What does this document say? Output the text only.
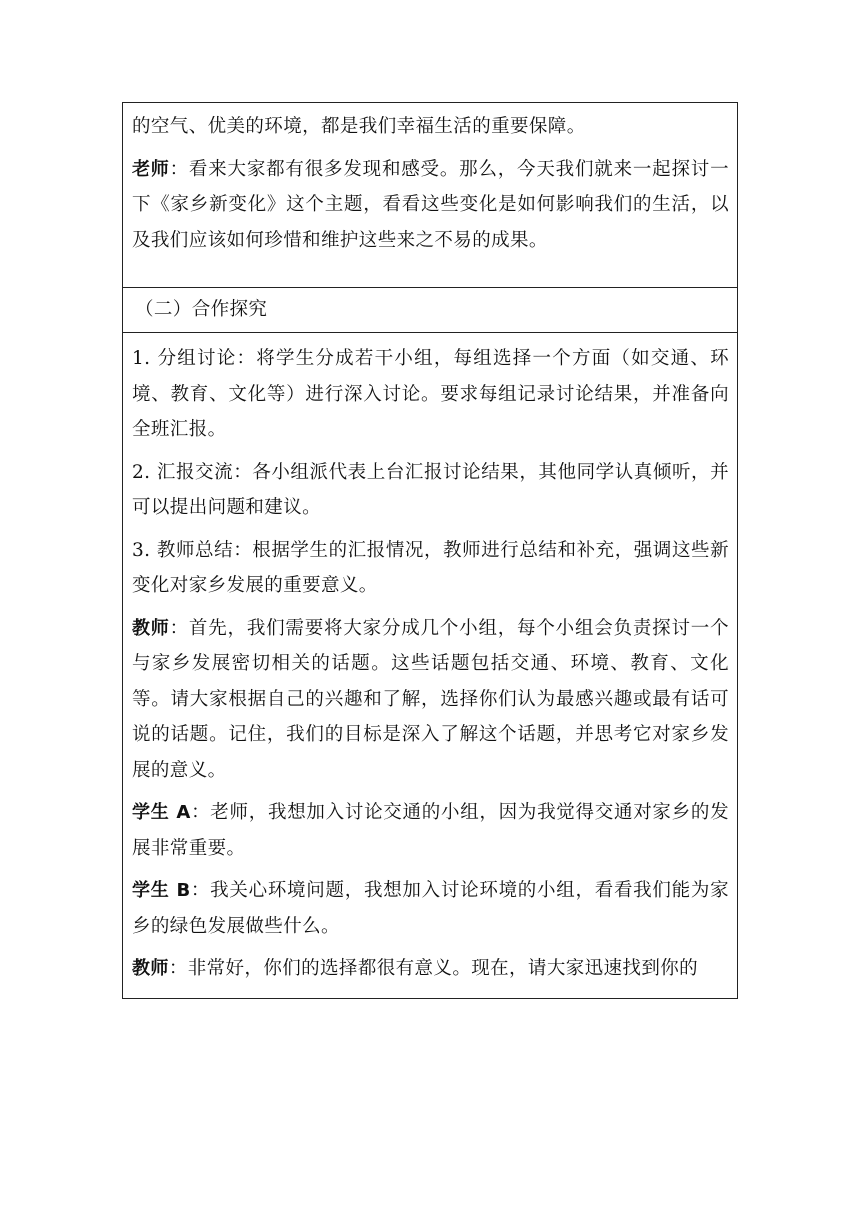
的空气、优美的环境，都是我们幸福生活的重要保障。

老师：看来大家都有很多发现和感受。那么，今天我们就来一起探讨一下《家乡新变化》这个主题，看看这些变化是如何影响我们的生活，以及我们应该如何珍惜和维护这些来之不易的成果。

（二）合作探究

1. 分组讨论：将学生分成若干小组，每组选择一个方面（如交通、环境、教育、文化等）进行深入讨论。要求每组记录讨论结果，并准备向全班汇报。

2. 汇报交流：各小组派代表上台汇报讨论结果，其他同学认真倾听，并可以提出问题和建议。

3. 教师总结：根据学生的汇报情况，教师进行总结和补充，强调这些新变化对家乡发展的重要意义。

教师：首先，我们需要将大家分成几个小组，每个小组会负责探讨一个与家乡发展密切相关的话题。这些话题包括交通、环境、教育、文化等。请大家根据自己的兴趣和了解，选择你们认为最感兴趣或最有话可说的话题。记住，我们的目标是深入了解这个话题，并思考它对家乡发展的意义。

学生 A：老师，我想加入讨论交通的小组，因为我觉得交通对家乡的发展非常重要。

学生 B：我关心环境问题，我想加入讨论环境的小组，看看我们能为家乡的绿色发展做些什么。

教师：非常好，你们的选择都很有意义。现在，请大家迅速找到你的
